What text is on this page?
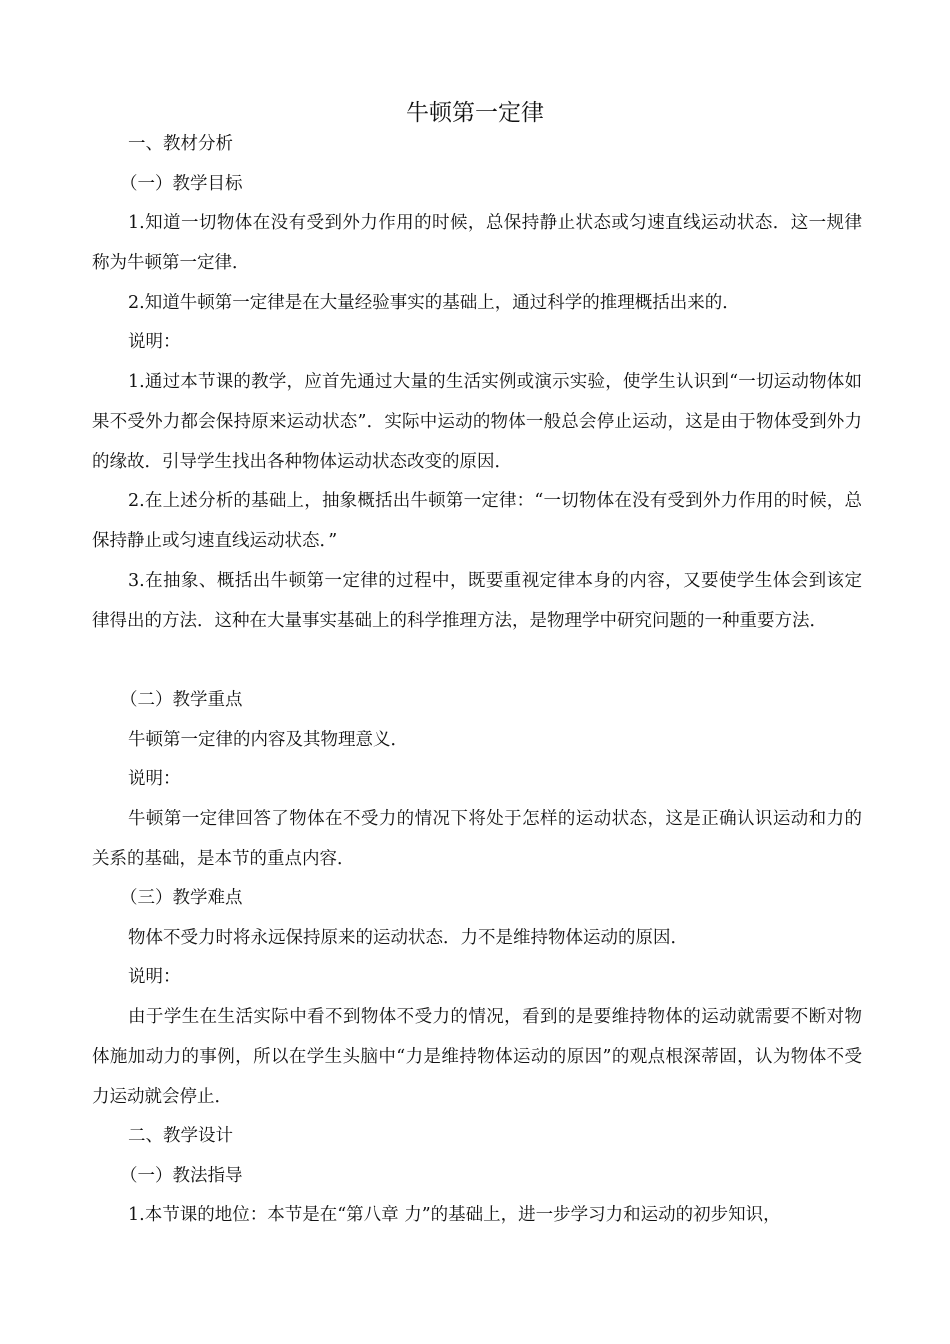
牛顿第一定律
一、教材分析
（一）教学目标
1.知道一切物体在没有受到外力作用的时候，总保持静止状态或匀速直线运动状态．这一规律称为牛顿第一定律．
2.知道牛顿第一定律是在大量经验事实的基础上，通过科学的推理概括出来的．
说明：
1.通过本节课的教学，应首先通过大量的生活实例或演示实验，使学生认识到“一切运动物体如果不受外力都会保持原来运动状态”．实际中运动的物体一般总会停止运动，这是由于物体受到外力的缘故．引导学生找出各种物体运动状态改变的原因．
2.在上述分析的基础上，抽象概括出牛顿第一定律：“一切物体在没有受到外力作用的时候，总保持静止或匀速直线运动状态．”
3.在抽象、概括出牛顿第一定律的过程中，既要重视定律本身的内容，又要使学生体会到该定律得出的方法．这种在大量事实基础上的科学推理方法，是物理学中研究问题的一种重要方法．
（二）教学重点
牛顿第一定律的内容及其物理意义．
说明：
牛顿第一定律回答了物体在不受力的情况下将处于怎样的运动状态，这是正确认识运动和力的关系的基础，是本节的重点内容．
（三）教学难点
物体不受力时将永远保持原来的运动状态．力不是维持物体运动的原因．
说明：
由于学生在生活实际中看不到物体不受力的情况，看到的是要维持物体的运动就需要不断对物体施加动力的事例，所以在学生头脑中“力是维持物体运动的原因”的观点根深蒂固，认为物体不受力运动就会停止．
二、教学设计
（一）教法指导
1.本节课的地位：本节是在“第八章 力”的基础上，进一步学习力和运动的初步知识，
